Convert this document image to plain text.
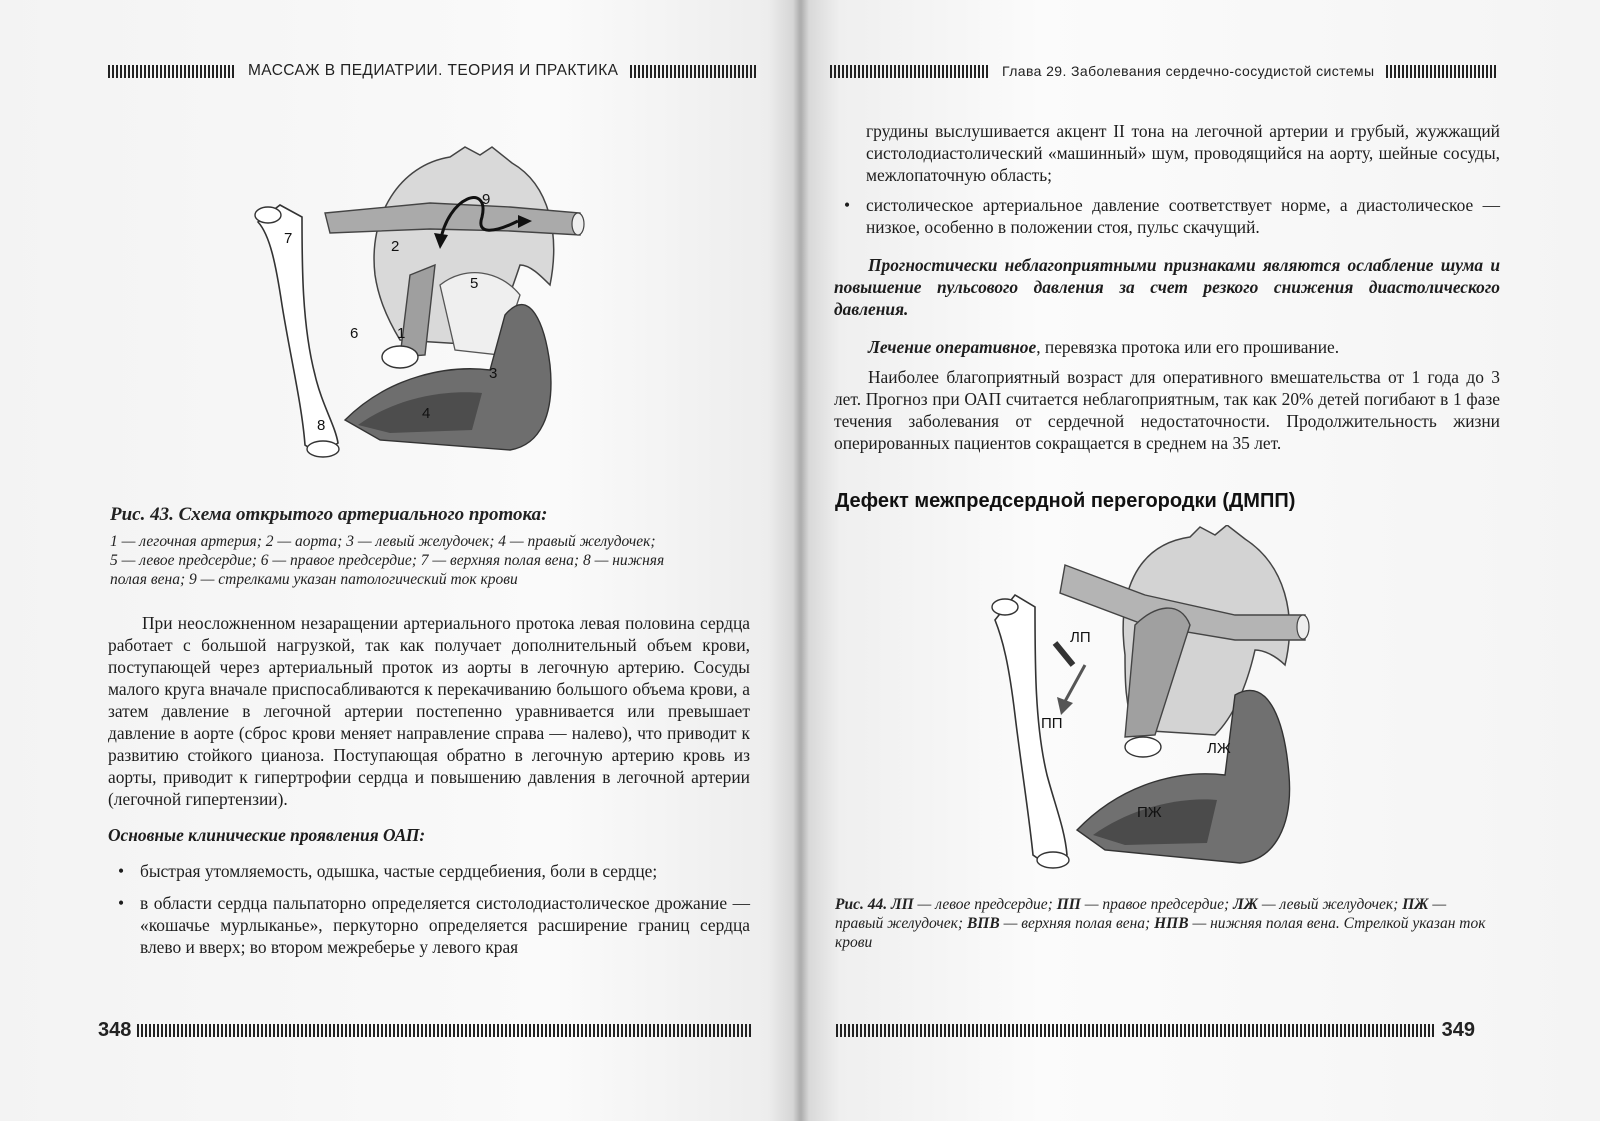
МАССАЖ В ПЕДИАТРИИ. ТЕОРИЯ И ПРАКТИКА
9
7	2
5
6	1
3
4
8
Рис. 43. Схема открытого артериального протока:
1 — легочная артерия; 2 — аорта; 3 — левый желудочек; 4 — правый желудочек;
5 — левое предсердие; 6 — правое предсердие; 7 — верхняя полая вена; 8 — нижняя
полая вена; 9 — стрелками указан патологический ток крови

При неосложненном незаращении артериального протока левая половина сердца работает с большой нагрузкой, так как получает дополнительный объем крови, поступающей через артериальный проток из аорты в легочную артерию. Сосуды малого круга вначале приспосабливаются к перекачиванию большого объема крови, а затем давление в легочной артерии постепенно уравнивается или превышает давление в аорте (сброс крови меняет направление справа — налево), что приводит к развитию стойкого цианоза. Поступающая обратно в легочную артерию кровь из аорты, приводит к гипертрофии сердца и повышению давления в легочной артерии (легочной гипертензии).

Основные клинические проявления ОАП:

• быстрая утомляемость, одышка, частые сердцебиения, боли в сердце;
• в области сердца пальпаторно определяется систолодиастолическое дрожание — «кошачье мурлыканье», перкуторно определяется расширение границ сердца влево и вверх; во втором межреберье у левого края
348
Глава 29. Заболевания сердечно-сосудистой системы

грудины выслушивается акцент II тона на легочной артерии и грубый, жужжащий систолодиастолический «машинный» шум, проводящийся на аорту, шейные сосуды, межлопаточную область;

• систолическое артериальное давление соответствует норме, а диастолическое — низкое, особенно в положении стоя, пульс скачущий.

Прогностически неблагоприятными признаками являются ослабление шума и повышение пульсового давления за счет резкого снижения диастолического давления.

Лечение оперативное, перевязка протока или его прошивание.

Наиболее благоприятный возраст для оперативного вмешательства от 1 года до 3 лет. Прогноз при ОАП считается неблагоприятным, так как 20% детей погибают в 1 фазе течения заболевания от сердечной недостаточности. Продолжительность жизни оперированных пациентов сокращается в среднем на 35 лет.

Дефект межпредсердной перегородки (ДМПП)
ЛП
ПП
ЛЖ
ПЖ
Рис. 44. ЛП — левое предсердие; ПП — правое предсердие; ЛЖ — левый желудочек; ПЖ — правый желудочек; ВПВ — верхняя полая вена; НПВ — нижняя полая вена. Стрелкой указан ток крови
349
